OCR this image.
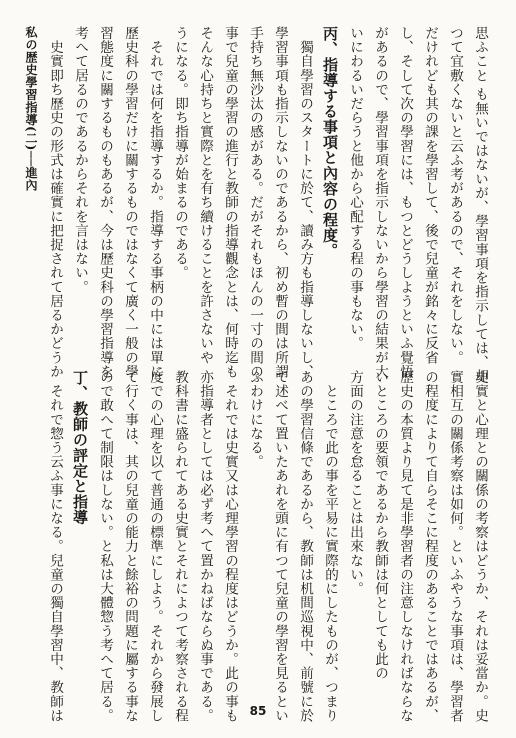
私の歴史學習指導(二)──進內	思ふこと も無いではないが、學習事項を指示しては、却
つて宜敷くないと云ふ考があるので、それをしない。
だけれども其の課を學習して、後で兒童が銘々に反省
し、そして次の學習には、もつとどうしようといふ覺悟
があるので、學習事項を指示しないから學習の結果が大
いにわるいだらうと他から心配する程の事もない。
丙、指導する事項と內容の程度。
　獨自學習のスタートに於て、讀み方も指導しないし、
學習事項も指示しないのであるから、初め暫の間は所謂
手持ち無沙汰の感がある。だがそれもほんの一寸の間の
事で兒童の學習の進行と教師の指導觀念とは、何時迄も
そんな心持ちと實際とを有ち續けることを許さないや
うになる。即ち指導が始まるのである。
　それでは何を指導するか。指導する事柄の中には單に
歷史科の學習だけに關するものではなくて廣く一般の學
習態度に關するものもあるが、今は歷史科の學習指導を
考へて居るのであるからそれを言はない。
　史實即ち歷史の形式は確實に把捉されて居るかどうか
史實と心理との關係の考察はどうか、それは妥當か。史
實相互の關係考察は如何。といふやうな事項は、學習者
の程度によりて自らそこに程度のあることではあるが、
歷史の本質より見て是非學習者の注意しなければならな
いところの要領であるから教師は何としても此の
方面の注意を怠ることは出來ない。
　ところで此の事を平易に實際的にしたものが、つまり
あの學習信條であるから、教師は机間巡視中、前號に於
て述べて置いたあれを頭に有つて兒童の學習を見るとい
ふわけになる。
　それでは史實又は心理學習の程度はどうか。此の事も
亦指導者としては必ず考へて置かねばならぬ事である。
教科書に盛られてある史實とそれによつて考察される程
度での心理を以て普通の標準にしよう。それから發展し
て行く事は、其の兒童の能力と餘裕の問題に屬する事な
ので敢へて制限はしない。と私は大體惣う考へて居る。
丁、教師の評定と指導
　それで惣う云ふ事になる。兒童の獨自學習中、教師は	85
